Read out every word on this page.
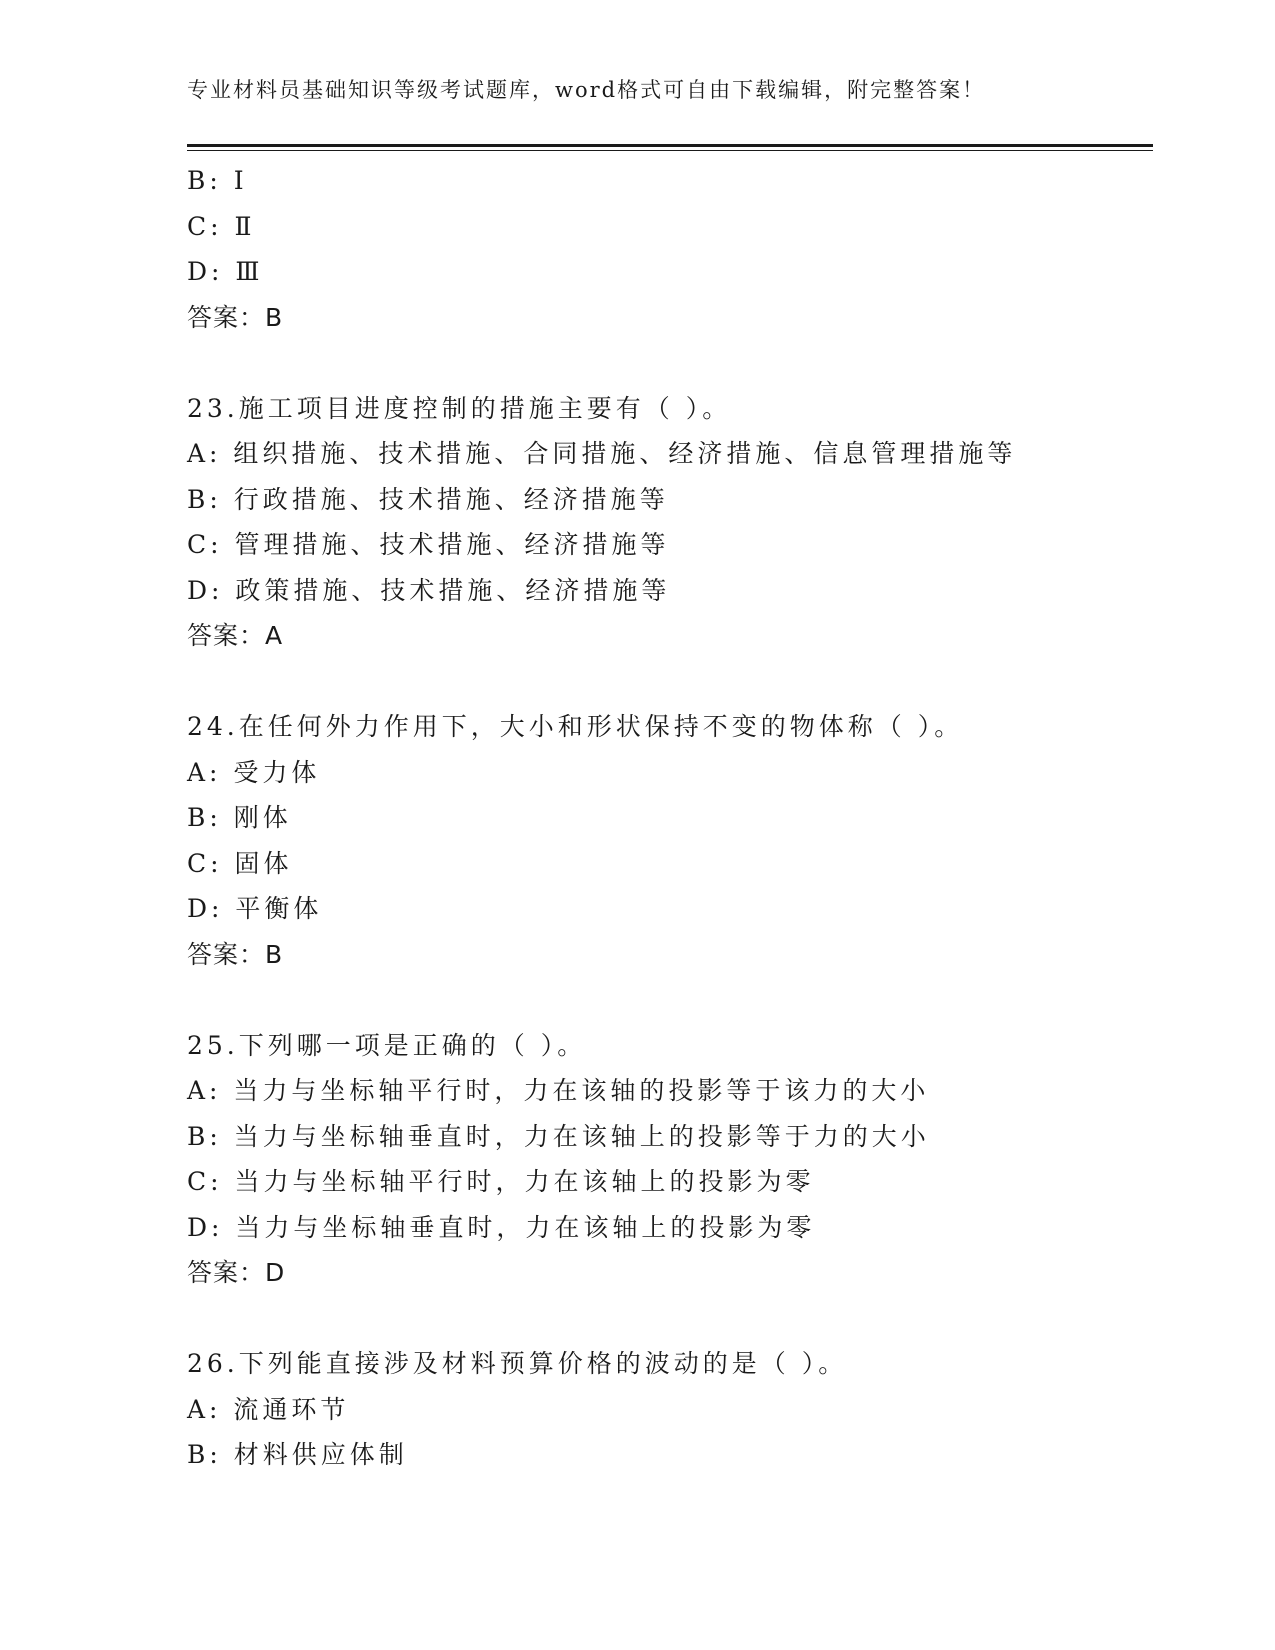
专业材料员基础知识等级考试题库，word格式可自由下载编辑，附完整答案！
B: Ⅰ
C: Ⅱ
D: Ⅲ
答案：B
23.施工项目进度控制的措施主要有（ ）。
A: 组织措施、技术措施、合同措施、经济措施、信息管理措施等
B: 行政措施、技术措施、经济措施等
C: 管理措施、技术措施、经济措施等
D: 政策措施、技术措施、经济措施等
答案：A
24.在任何外力作用下，大小和形状保持不变的物体称（ ）。
A: 受力体
B: 刚体
C: 固体
D: 平衡体
答案：B
25.下列哪一项是正确的（ ）。
A: 当力与坐标轴平行时，力在该轴的投影等于该力的大小
B: 当力与坐标轴垂直时，力在该轴上的投影等于力的大小
C: 当力与坐标轴平行时，力在该轴上的投影为零
D: 当力与坐标轴垂直时，力在该轴上的投影为零
答案：D
26.下列能直接涉及材料预算价格的波动的是（ ）。
A: 流通环节
B: 材料供应体制
